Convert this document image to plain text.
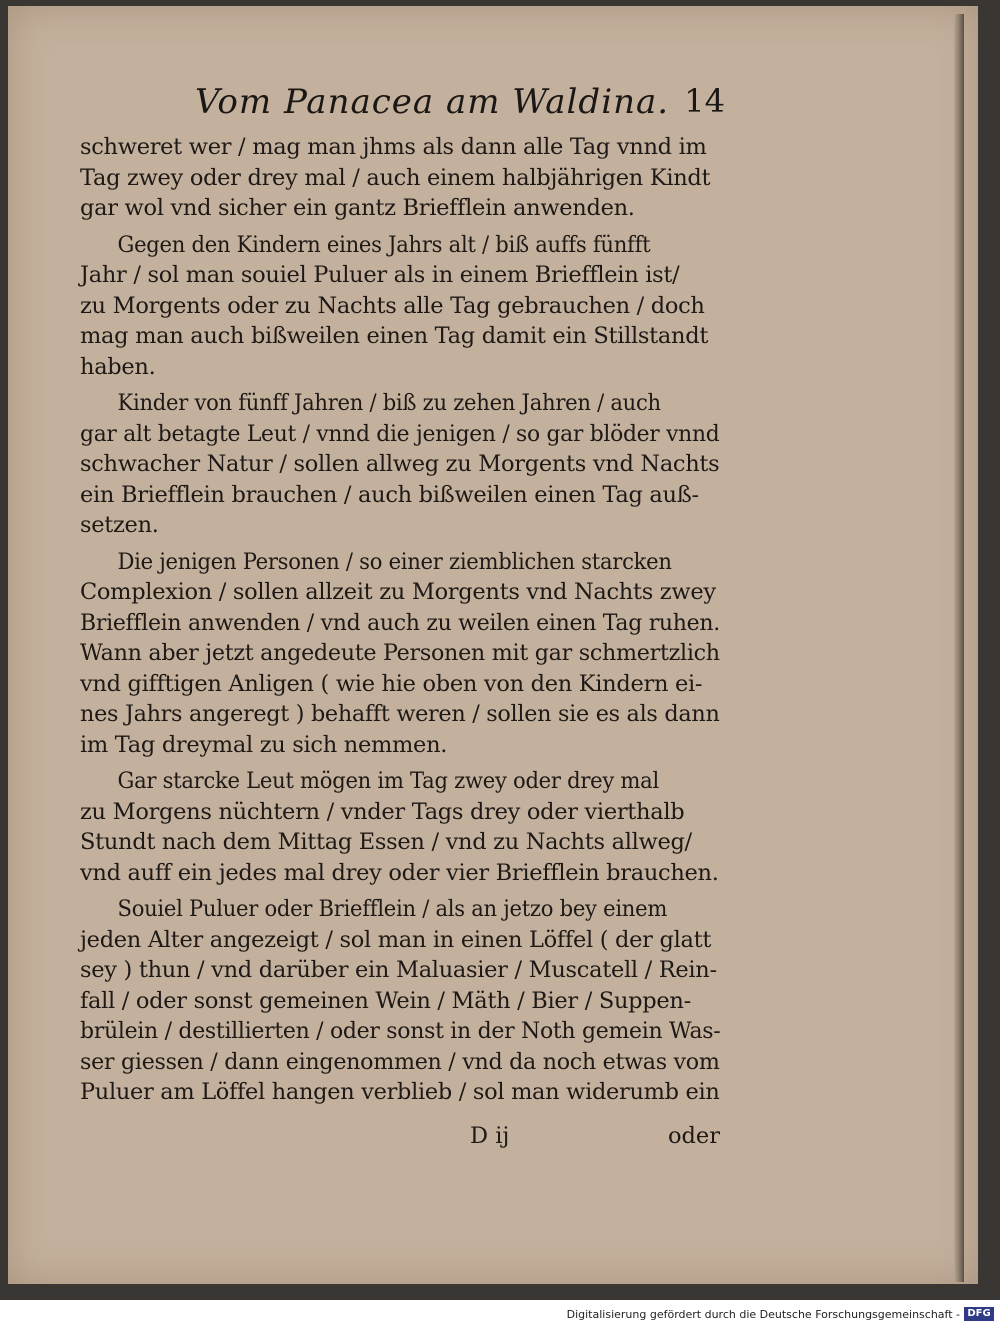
Vom Panacea am Waldina. 14
schweret wer / mag man jhms als dann alle Tag vnnd im
Tag zwey oder drey mal / auch einem halbjährigen Kindt
gar wol vnd sicher ein gantz Briefflein anwenden.
Gegen den Kindern eines Jahrs alt / biß auffs fünfft
Jahr / sol man souiel Puluer als in einem Briefflein ist/
zu Morgents oder zu Nachts alle Tag gebrauchen / doch
mag man auch bißweilen einen Tag damit ein Stillstandt
haben.
Kinder von fünff Jahren / biß zu zehen Jahren / auch
gar alt betagte Leut / vnnd die jenigen / so gar blöder vnnd
schwacher Natur / sollen allweg zu Morgents vnd Nachts
ein Briefflein brauchen / auch bißweilen einen Tag auß-
setzen.
Die jenigen Personen / so einer ziemblichen starcken
Complexion / sollen allzeit zu Morgents vnd Nachts zwey
Briefflein anwenden / vnd auch zu weilen einen Tag ruhen.
Wann aber jetzt angedeute Personen mit gar schmertzlich
vnd gifftigen Anligen ( wie hie oben von den Kindern ei-
nes Jahrs angeregt ) behafft weren / sollen sie es als dann
im Tag dreymal zu sich nemmen.
Gar starcke Leut mögen im Tag zwey oder drey mal
zu Morgens nüchtern / vnder Tags drey oder vierthalb
Stundt nach dem Mittag Essen / vnd zu Nachts allweg/
vnd auff ein jedes mal drey oder vier Briefflein brauchen.
Souiel Puluer oder Briefflein / als an jetzo bey einem
jeden Alter angezeigt / sol man in einen Löffel ( der glatt
sey ) thun / vnd darüber ein Maluasier / Muscatell / Rein-
fall / oder sonst gemeinen Wein / Mäth / Bier / Suppen-
brülein / destillierten / oder sonst in der Noth gemein Was-
ser giessen / dann eingenommen / vnd da noch etwas vom
Puluer am Löffel hangen verblieb / sol man widerumb ein
D ij	oder
Digitalisierung gefördert durch die Deutsche Forschungsgemeinschaft - DFG
